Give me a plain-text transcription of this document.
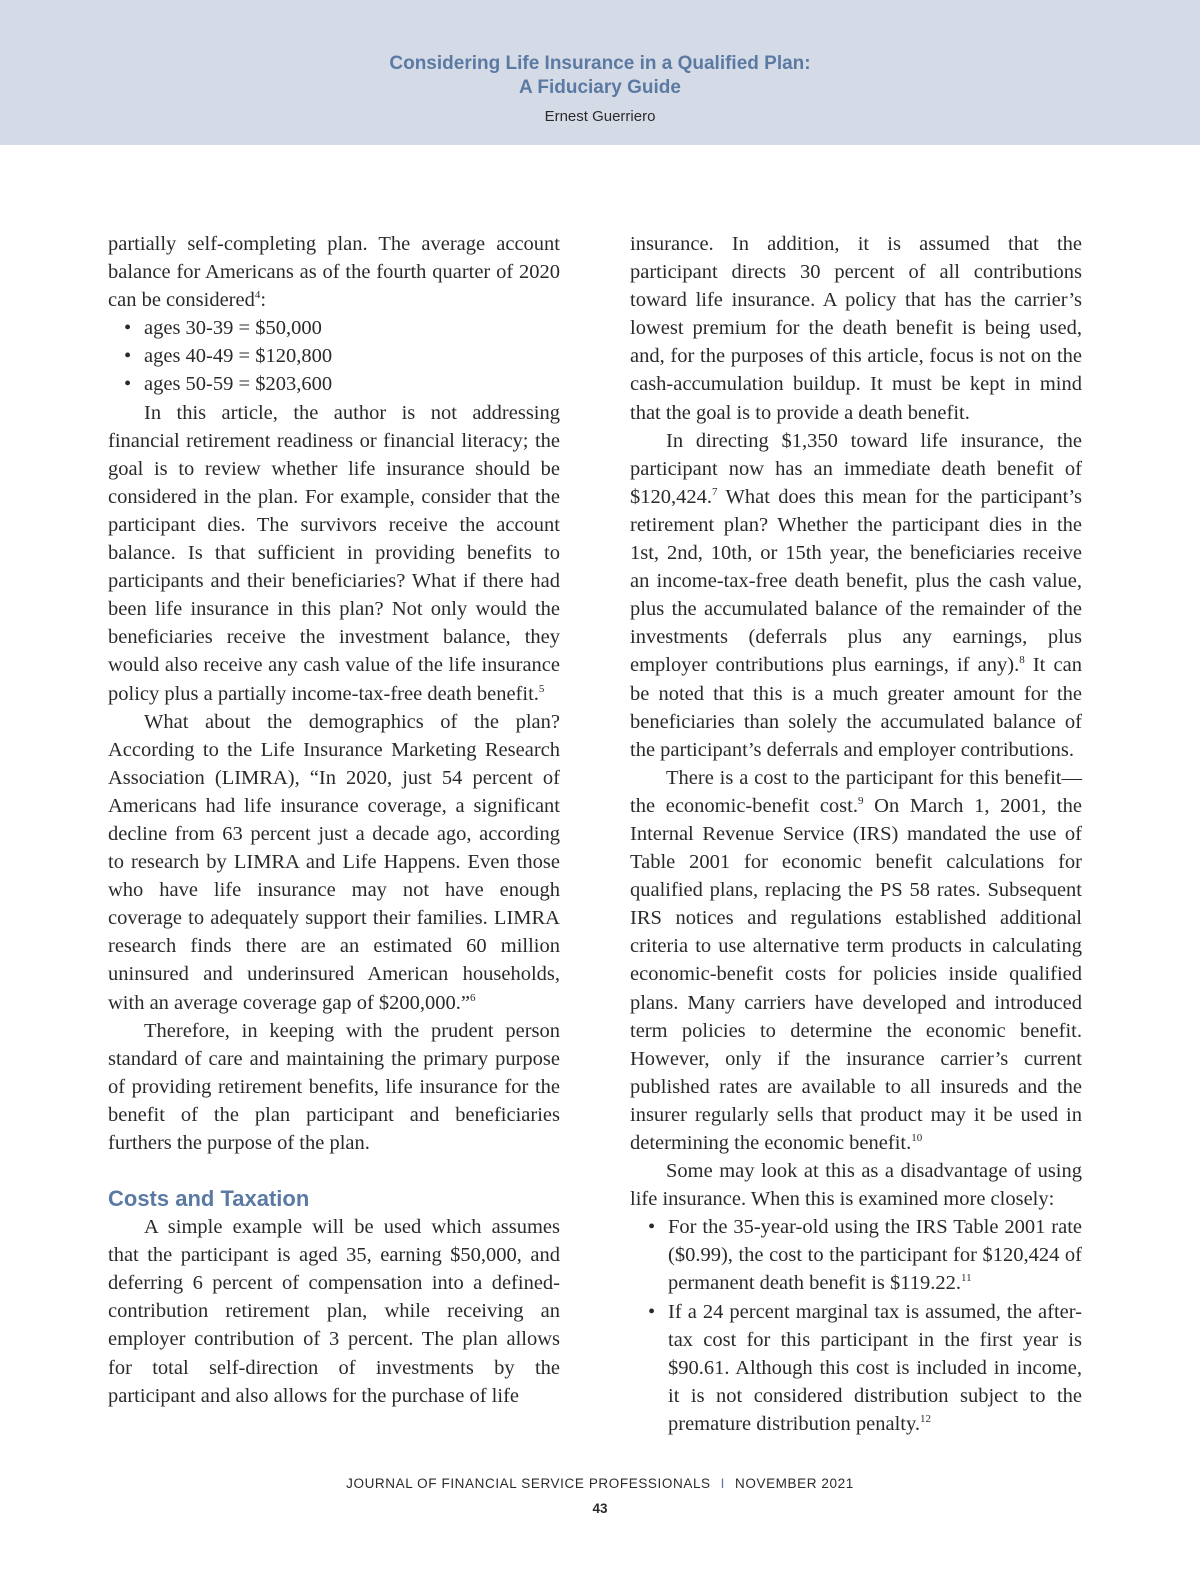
Considering Life Insurance in a Qualified Plan:
A Fiduciary Guide
Ernest Guerriero

partially self-completing plan. The average account balance for Americans as of the fourth quarter of 2020 can be considered$^4$:

• ages 30-39 = $50,000
• ages 40-49 = $120,800
• ages 50-59 = $203,600

In this article, the author is not addressing financial retirement readiness or financial literacy; the goal is to review whether life insurance should be considered in the plan. For example, consider that the participant dies. The survivors receive the account balance. Is that sufficient in providing benefits to participants and their beneficiaries? What if there had been life insurance in this plan? Not only would the beneficiaries receive the investment balance, they would also receive any cash value of the life insurance policy plus a partially income-tax-free death benefit.$^5$

What about the demographics of the plan? According to the Life Insurance Marketing Research Association (LIMRA), “In 2020, just 54 percent of Americans had life insurance coverage, a significant decline from 63 percent just a decade ago, according to research by LIMRA and Life Happens. Even those who have life insurance may not have enough coverage to adequately support their families. LIMRA research finds there are an estimated 60 million uninsured and underinsured American households, with an average coverage gap of $200,000.”$^6$

Therefore, in keeping with the prudent person standard of care and maintaining the primary purpose of providing retirement benefits, life insurance for the benefit of the plan participant and beneficiaries furthers the purpose of the plan.

Costs and Taxation

A simple example will be used which assumes that the participant is aged 35, earning $50,000, and deferring 6 percent of compensation into a defined-contribution retirement plan, while receiving an employer contribution of 3 percent. The plan allows for total self-direction of investments by the participant and also allows for the purchase of life

insurance. In addition, it is assumed that the participant directs 30 percent of all contributions toward life insurance. A policy that has the carrier’s lowest premium for the death benefit is being used, and, for the purposes of this article, focus is not on the cash-accumulation buildup. It must be kept in mind that the goal is to provide a death benefit.

In directing $1,350 toward life insurance, the participant now has an immediate death benefit of $120,424.$^7$ What does this mean for the participant’s retirement plan? Whether the participant dies in the 1st, 2nd, 10th, or 15th year, the beneficiaries receive an income-tax-free death benefit, plus the cash value, plus the accumulated balance of the remainder of the investments (deferrals plus any earnings, plus employer contributions plus earnings, if any).$^8$ It can be noted that this is a much greater amount for the beneficiaries than solely the accumulated balance of the participant’s deferrals and employer contributions.

There is a cost to the participant for this benefit—the economic-benefit cost.$^9$ On March 1, 2001, the Internal Revenue Service (IRS) mandated the use of Table 2001 for economic benefit calculations for qualified plans, replacing the PS 58 rates. Subsequent IRS notices and regulations established additional criteria to use alternative term products in calculating economic-benefit costs for policies inside qualified plans. Many carriers have developed and introduced term policies to determine the economic benefit. However, only if the insurance carrier’s current published rates are available to all insureds and the insurer regularly sells that product may it be used in determining the economic benefit.$^{10}$

Some may look at this as a disadvantage of using life insurance. When this is examined more closely:

• For the 35-year-old using the IRS Table 2001 rate ($0.99), the cost to the participant for $120,424 of permanent death benefit is $119.22.11
• If a 24 percent marginal tax is assumed, the after-tax cost for this participant in the first year is $90.61. Although this cost is included in income, it is not considered distribution subject to the premature distribution penalty.$^{12}$
JOURNAL OF FINANCIAL SERVICE PROFESSIONALS I NOVEMBER 2021
43
